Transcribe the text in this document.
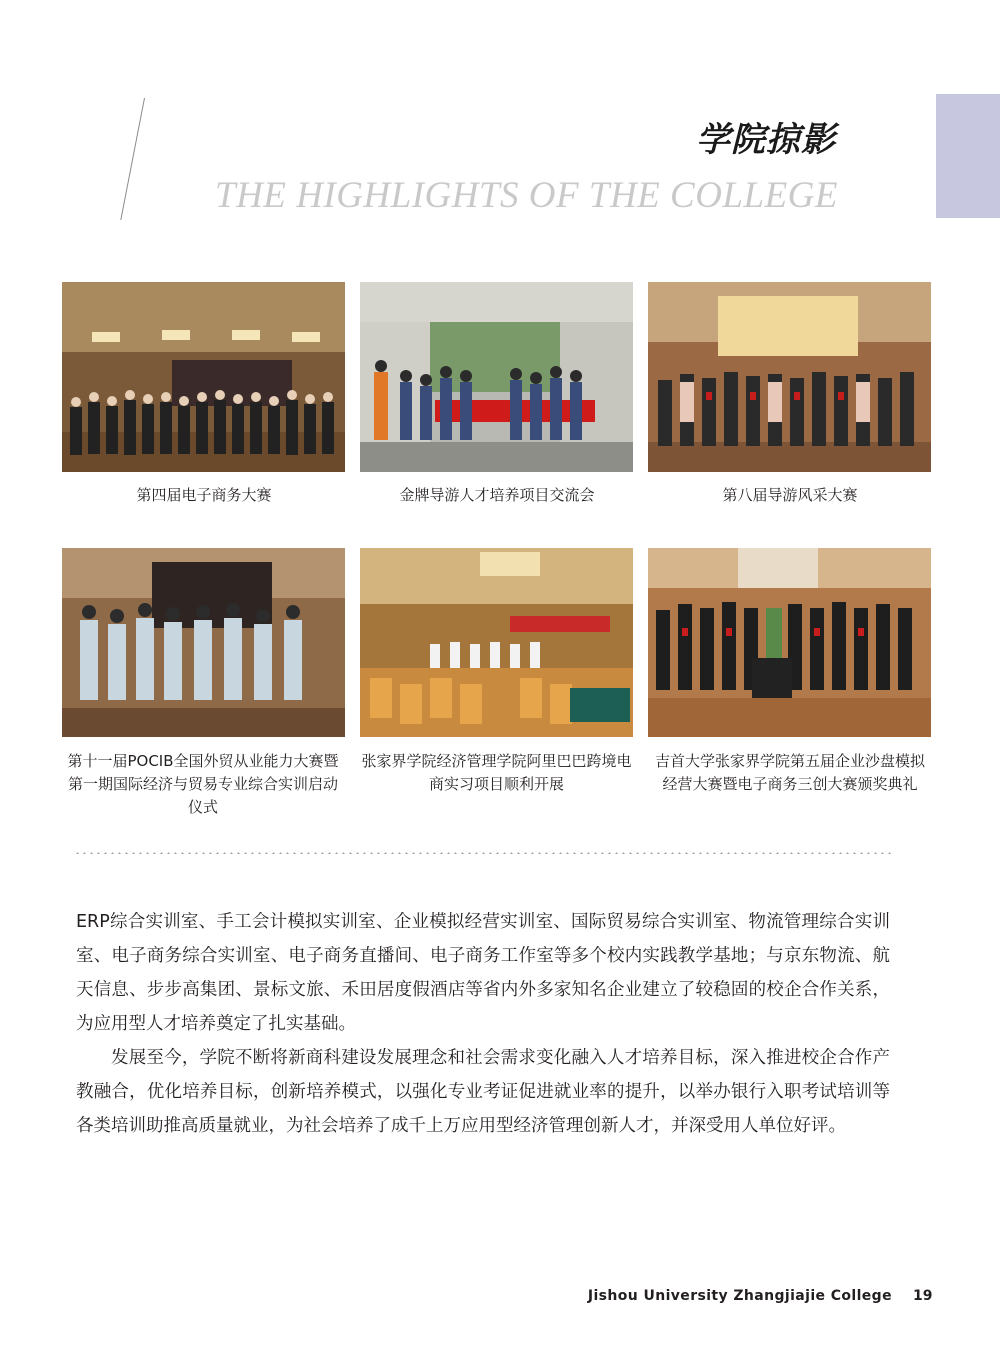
学院掠影
THE HIGHLIGHTS OF THE COLLEGE
第四届电子商务大赛	金牌导游人才培养项目交流会	第八届导游风采大赛
第十一届POCIB全国外贸从业能力大赛暨第一期国际经济与贸易专业综合实训启动仪式
张家界学院经济管理学院阿里巴巴跨境电商实习项目顺利开展
吉首大学张家界学院第五届企业沙盘模拟经营大赛暨电子商务三创大赛颁奖典礼

ERP综合实训室、手工会计模拟实训室、企业模拟经营实训室、国际贸易综合实训室、物流管理综合实训室、电子商务综合实训室、电子商务直播间、电子商务工作室等多个校内实践教学基地；与京东物流、航天信息、步步高集团、景标文旅、禾田居度假酒店等省内外多家知名企业建立了较稳固的校企合作关系，为应用型人才培养奠定了扎实基础。

发展至今，学院不断将新商科建设发展理念和社会需求变化融入人才培养目标，深入推进校企合作产教融合，优化培养目标，创新培养模式，以强化专业考证促进就业率的提升，以举办银行入职考试培训等各类培训助推高质量就业，为社会培养了成千上万应用型经济管理创新人才，并深受用人单位好评。

Jishou University Zhangjiajie College 19
